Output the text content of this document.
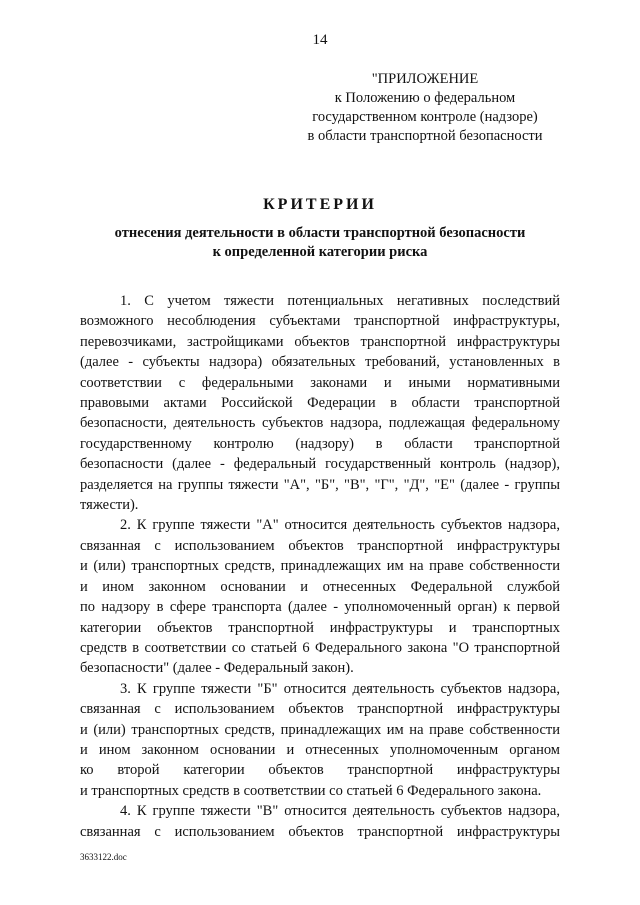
14
"ПРИЛОЖЕНИЕ
к Положению о федеральном
государственном контроле (надзоре)
в области транспортной безопасности
КРИТЕРИИ
отнесения деятельности в области транспортной безопасности
к определенной категории риска
1. С учетом тяжести потенциальных негативных последствий
возможного несоблюдения субъектами транспортной инфраструктуры,
перевозчиками, застройщиками объектов транспортной инфраструктуры
(далее - субъекты надзора) обязательных требований, установленных в
соответствии с федеральными законами и иными нормативными
правовыми актами Российской Федерации в области транспортной
безопасности, деятельность субъектов надзора, подлежащая федеральному
государственному контролю (надзору) в области транспортной
безопасности (далее - федеральный государственный контроль (надзор),
разделяется на группы тяжести "А", "Б", "В", "Г", "Д", "Е" (далее - группы
тяжести).
2. К группе тяжести "А" относится деятельность субъектов надзора,
связанная с использованием объектов транспортной инфраструктуры
и (или) транспортных средств, принадлежащих им на праве собственности
и ином законном основании и отнесенных Федеральной службой
по надзору в сфере транспорта (далее - уполномоченный орган) к первой
категории объектов транспортной инфраструктуры и транспортных
средств в соответствии со статьей 6 Федерального закона "О транспортной
безопасности" (далее - Федеральный закон).
3. К группе тяжести "Б" относится деятельность субъектов надзора,
связанная с использованием объектов транспортной инфраструктуры
и (или) транспортных средств, принадлежащих им на праве собственности
и ином законном основании и отнесенных уполномоченным органом
ко второй категории объектов транспортной инфраструктуры
и транспортных средств в соответствии со статьей 6 Федерального закона.
4. К группе тяжести "В" относится деятельность субъектов надзора,
связанная с использованием объектов транспортной инфраструктуры
3633122.doc
